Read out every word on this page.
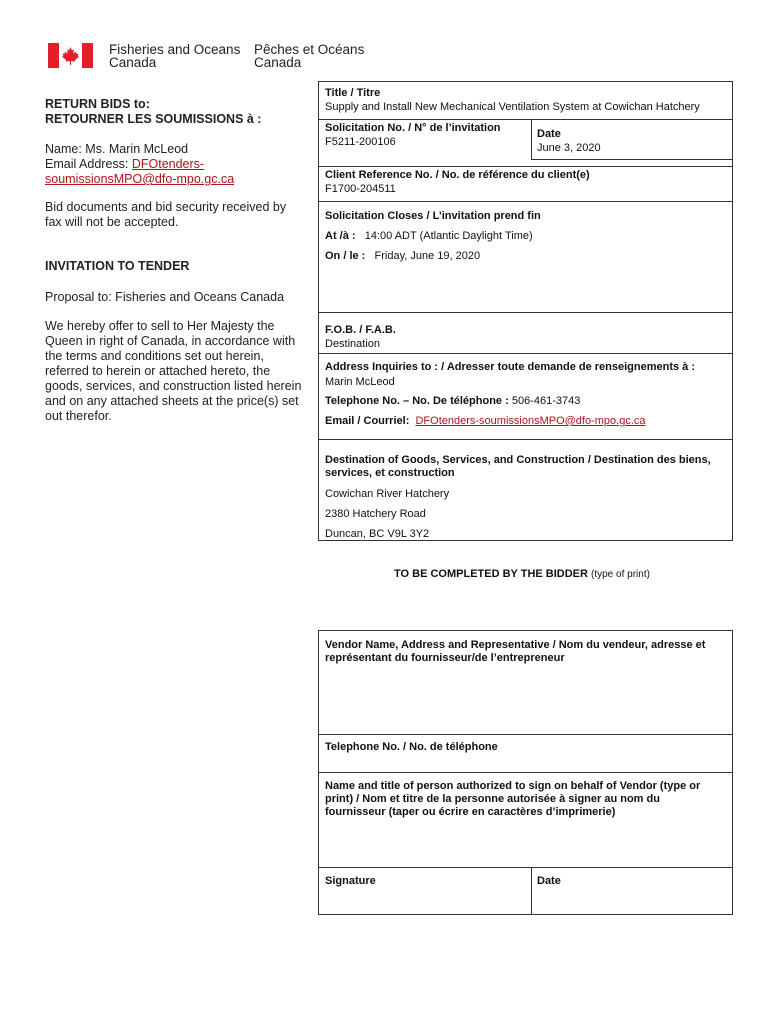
Fisheries and Oceans
Canada
Pêches et Océans
Canada
RETURN BIDS to:
RETOURNER LES SOUMISSIONS à :
Name: Ms. Marin McLeod
Email Address: DFOtenders-
soumissionsMPO@dfo-mpo.gc.ca
Bid documents and bid security received by
fax will not be accepted.
INVITATION TO TENDER
Proposal to: Fisheries and Oceans Canada
We hereby offer to sell to Her Majesty the
Queen in right of Canada, in accordance with
the terms and conditions set out herein,
referred to herein or attached hereto, the
goods, services, and construction listed herein
and on any attached sheets at the price(s) set
out therefor.
Title / Titre
Supply and Install New Mechanical Ventilation System at Cowichan Hatchery
Solicitation No. / N° de l’invitation
F5211-200106
Date
June 3, 2020
Client Reference No. / No. de référence du client(e)
F1700-204511
Solicitation Closes / L’invitation prend fin
At /à : 14:00 ADT (Atlantic Daylight Time)
On / le : Friday, June 19, 2020
F.O.B. / F.A.B.
Destination
Address Inquiries to : / Adresser toute demande de renseignements à :
Marin McLeod
Telephone No. – No. De téléphone : 506-461-3743
Email / Courriel: DFOtenders-soumissionsMPO@dfo-mpo.gc.ca
Destination of Goods, Services, and Construction / Destination des biens,
services, et construction
Cowichan River Hatchery
2380 Hatchery Road
Duncan, BC V9L 3Y2
TO BE COMPLETED BY THE BIDDER (type of print)
Vendor Name, Address and Representative / Nom du vendeur, adresse et
représentant du fournisseur/de l’entrepreneur
Telephone No. / No. de téléphone
Name and title of person authorized to sign on behalf of Vendor (type or
print) / Nom et titre de la personne autorisée à signer au nom du
fournisseur (taper ou écrire en caractères d’imprimerie)
Signature	Date
